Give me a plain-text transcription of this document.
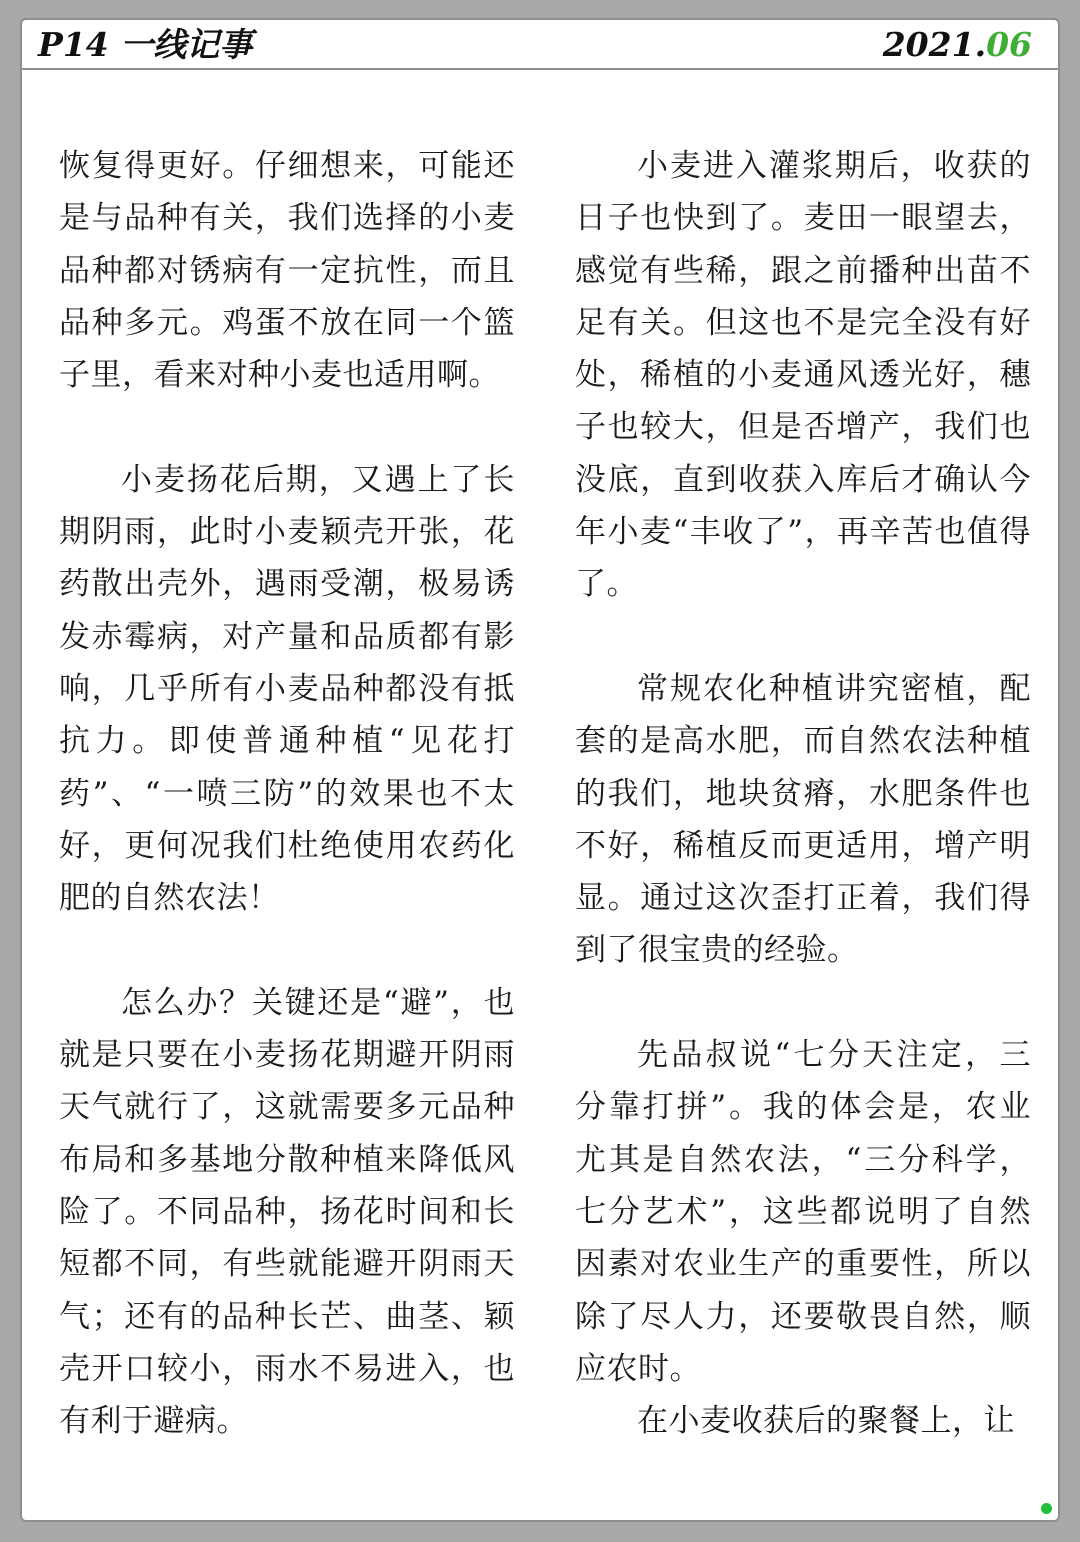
P14 一线记事	2021.06

恢复得更好。仔细想来，可能还是与品种有关，我们选择的小麦品种都对锈病有一定抗性，而且品种多元。鸡蛋不放在同一个篮子里，看来对种小麦也适用啊。

小麦扬花后期，又遇上了长期阴雨，此时小麦颖壳开张，花药散出壳外，遇雨受潮，极易诱发赤霉病，对产量和品质都有影响，几乎所有小麦品种都没有抵抗力。即使普通种植“见花打药”、“一喷三防”的效果也不太好，更何况我们杜绝使用农药化肥的自然农法！

怎么办？关键还是“避”，也就是只要在小麦扬花期避开阴雨天气就行了，这就需要多元品种布局和多基地分散种植来降低风险了。不同品种，扬花时间和长短都不同，有些就能避开阴雨天气；还有的品种长芒、曲茎、颖壳开口较小，雨水不易进入，也有利于避病。

小麦进入灌浆期后，收获的日子也快到了。麦田一眼望去，感觉有些稀，跟之前播种出苗不足有关。但这也不是完全没有好处，稀植的小麦通风透光好，穗子也较大，但是否增产，我们也没底，直到收获入库后才确认今年小麦“丰收了”，再辛苦也值得了。

常规农化种植讲究密植，配套的是高水肥，而自然农法种植的我们，地块贫瘠，水肥条件也不好，稀植反而更适用，增产明显。通过这次歪打正着，我们得到了很宝贵的经验。

先品叔说“七分天注定，三分靠打拼”。我的体会是，农业尤其是自然农法，“三分科学，七分艺术”，这些都说明了自然因素对农业生产的重要性，所以除了尽人力，还要敬畏自然，顺应农时。

在小麦收获后的聚餐上，让
